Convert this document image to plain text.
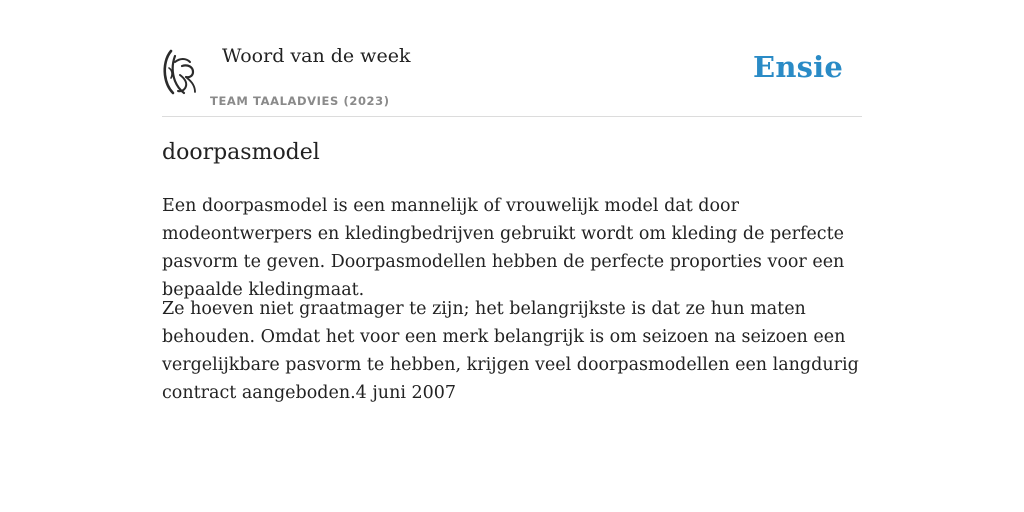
Woord van de week	Ensie
TEAM TAALADVIES (2023)
doorpasmodel

Een doorpasmodel is een mannelijk of vrouwelijk model dat door modeontwerpers en kledingbedrijven gebruikt wordt om kleding de perfecte pasvorm te geven. Doorpasmodellen hebben de perfecte proporties voor een bepaalde kledingmaat.

Ze hoeven niet graatmager te zijn; het belangrijkste is dat ze hun maten behouden. Omdat het voor een merk belangrijk is om seizoen na seizoen een vergelijkbare pasvorm te hebben, krijgen veel doorpasmodellen een langdurig contract aangeboden.4 juni 2007
